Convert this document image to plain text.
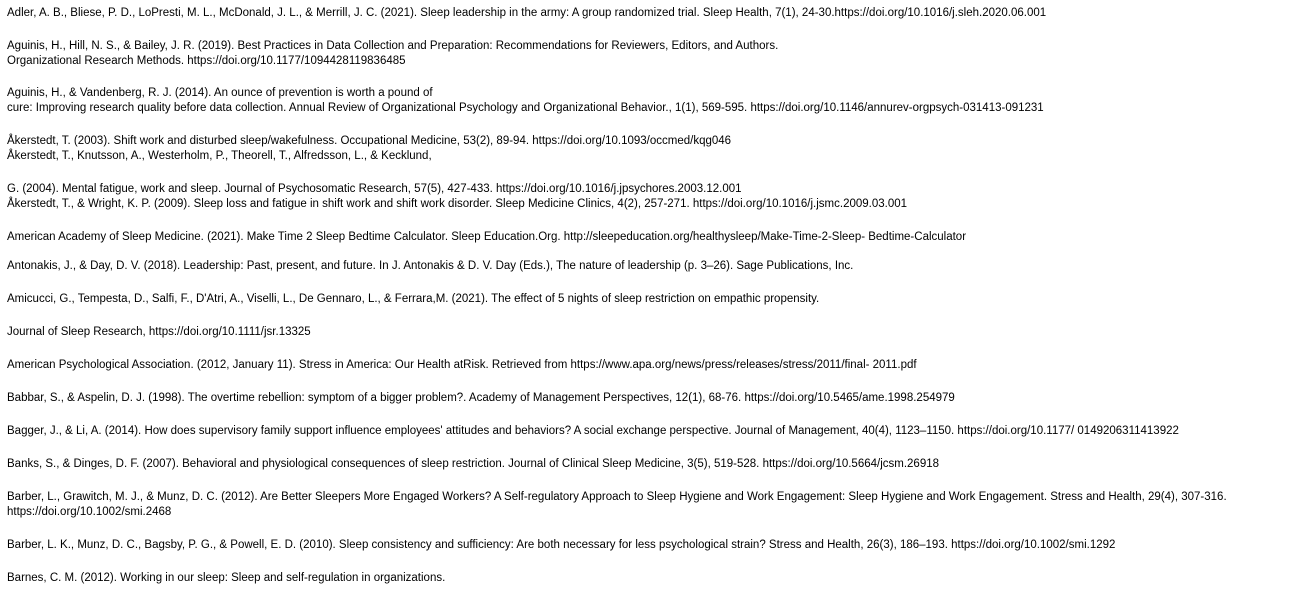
Adler, A. B., Bliese, P. D., LoPresti, M. L., McDonald, J. L., & Merrill, J. C. (2021). Sleep leadership in the army: A group randomized trial. Sleep Health, 7(1), 24-30.https://doi.org/10.1016/j.sleh.2020.06.001
Aguinis, H., Hill, N. S., & Bailey, J. R. (2019). Best Practices in Data Collection and Preparation: Recommendations for Reviewers, Editors, and Authors.
Organizational Research Methods. https://doi.org/10.1177/1094428119836485
Aguinis, H., & Vandenberg, R. J. (2014). An ounce of prevention is worth a pound of
cure: Improving research quality before data collection. Annual Review of Organizational Psychology and Organizational Behavior., 1(1), 569-595. https://doi.org/10.1146/annurev-orgpsych-031413-091231
Åkerstedt, T. (2003). Shift work and disturbed sleep/wakefulness. Occupational Medicine, 53(2), 89-94. https://doi.org/10.1093/occmed/kqg046
Åkerstedt, T., Knutsson, A., Westerholm, P., Theorell, T., Alfredsson, L., & Kecklund,
G. (2004). Mental fatigue, work and sleep. Journal of Psychosomatic Research, 57(5), 427-433. https://doi.org/10.1016/j.jpsychores.2003.12.001
Åkerstedt, T., & Wright, K. P. (2009). Sleep loss and fatigue in shift work and shift work disorder. Sleep Medicine Clinics, 4(2), 257-271. https://doi.org/10.1016/j.jsmc.2009.03.001
American Academy of Sleep Medicine. (2021). Make Time 2 Sleep Bedtime Calculator. Sleep Education.Org. http://sleepeducation.org/healthysleep/Make-Time-2-Sleep- Bedtime-Calculator
Antonakis, J., & Day, D. V. (2018). Leadership: Past, present, and future. In J. Antonakis & D. V. Day (Eds.), The nature of leadership (p. 3–26). Sage Publications, Inc.
Amicucci, G., Tempesta, D., Salfi, F., D'Atri, A., Viselli, L., De Gennaro, L., & Ferrara,M. (2021). The effect of 5 nights of sleep restriction on empathic propensity.
Journal of Sleep Research, https://doi.org/10.1111/jsr.13325
American Psychological Association. (2012, January 11). Stress in America: Our Health atRisk. Retrieved from https://www.apa.org/news/press/releases/stress/2011/final- 2011.pdf
Babbar, S., & Aspelin, D. J. (1998). The overtime rebellion: symptom of a bigger problem?. Academy of Management Perspectives, 12(1), 68-76. https://doi.org/10.5465/ame.1998.254979
Bagger, J., & Li, A. (2014). How does supervisory family support influence employees' attitudes and behaviors? A social exchange perspective. Journal of Management, 40(4), 1123–1150. https://doi.org/10.1177/ 0149206311413922
Banks, S., & Dinges, D. F. (2007). Behavioral and physiological consequences of sleep restriction. Journal of Clinical Sleep Medicine, 3(5), 519-528. https://doi.org/10.5664/jcsm.26918
Barber, L., Grawitch, M. J., & Munz, D. C. (2012). Are Better Sleepers More Engaged Workers? A Self-regulatory Approach to Sleep Hygiene and Work Engagement: Sleep Hygiene and Work Engagement. Stress and Health, 29(4), 307-316.
https://doi.org/10.1002/smi.2468
Barber, L. K., Munz, D. C., Bagsby, P. G., & Powell, E. D. (2010). Sleep consistency and sufficiency: Are both necessary for less psychological strain? Stress and Health, 26(3), 186–193. https://doi.org/10.1002/smi.1292
Barnes, C. M. (2012). Working in our sleep: Sleep and self-regulation in organizations.
